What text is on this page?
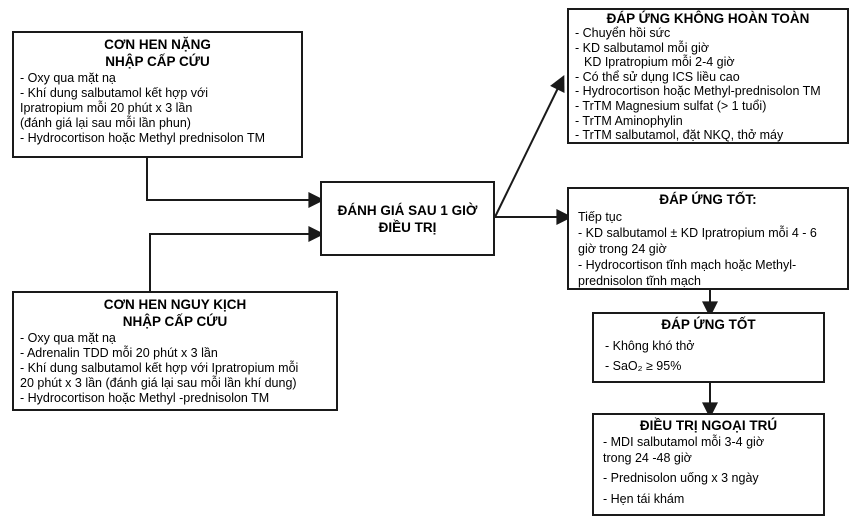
CƠN HEN NẶNG
NHẬP CẤP CỨU
- Oxy qua mặt nạ
- Khí dung salbutamol kết hợp với
Ipratropium mỗi 20 phút x 3 lần
(đánh giá lại sau mỗi lần phun)
- Hydrocortison hoặc Methyl prednisolon TM
CƠN HEN NGUY KỊCH
NHẬP CẤP CỨU
- Oxy qua mặt nạ
- Adrenalin TDD mỗi 20 phút x 3 lần
- Khí dung salbutamol kết hợp với Ipratropium mỗi
20 phút x 3 lần (đánh giá lại sau mỗi lần khí dung)
- Hydrocortison hoặc Methyl -prednisolon TM
ĐÁNH GIÁ SAU 1 GIỜ
ĐIỀU TRỊ
ĐÁP ỨNG KHÔNG HOÀN TOÀN
- Chuyển hồi sức
- KD salbutamol mỗi giờ
KD Ipratropium mỗi 2-4 giờ
- Có thể sử dụng ICS liều cao
- Hydrocortison hoặc Methyl-prednisolon TM
- TrTM Magnesium sulfat (> 1 tuổi)
- TrTM Aminophylin
- TrTM salbutamol, đặt NKQ, thở máy
ĐÁP ỨNG TỐT:
Tiếp tục
- KD salbutamol ± KD Ipratropium mỗi 4 - 6
giờ trong 24 giờ
- Hydrocortison tĩnh mạch hoặc Methyl-
prednisolon tĩnh mạch
ĐÁP ỨNG TỐT
- Không khó thở
- SaO₂ ≥ 95%
ĐIỀU TRỊ NGOẠI TRÚ
- MDI salbutamol mỗi 3-4 giờ
trong 24 -48 giờ
- Prednisolon uống x 3 ngày
- Hẹn tái khám
